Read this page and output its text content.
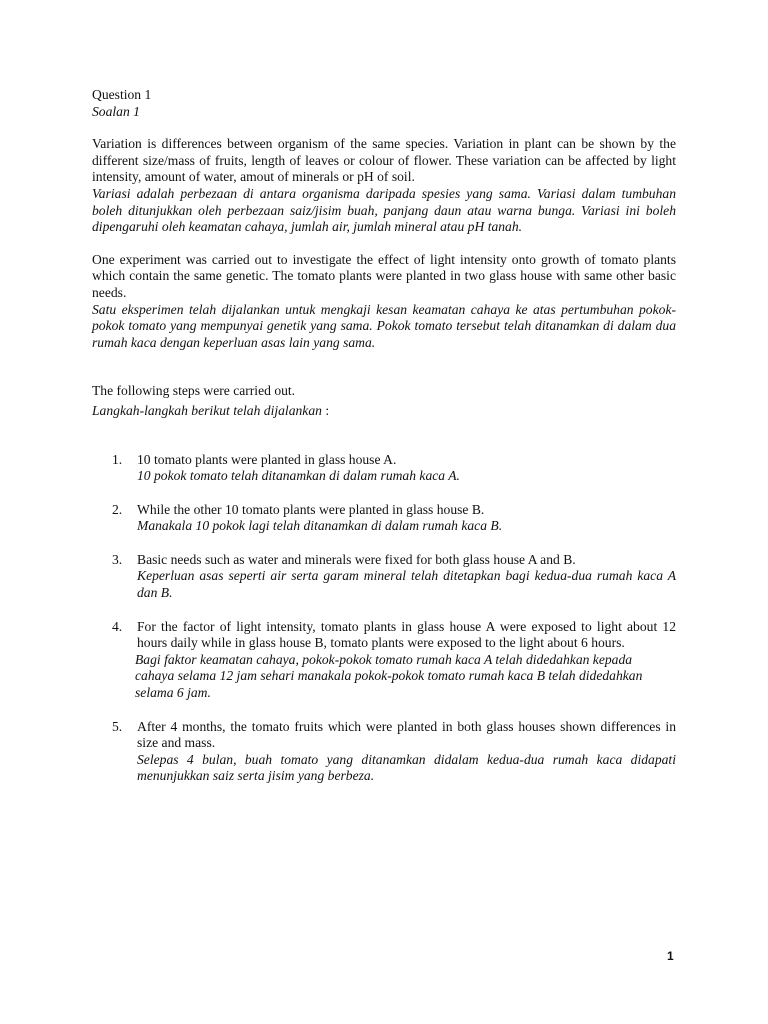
Question 1

Soalan 1

Variation is differences between organism of the same species. Variation in plant can be shown by the different size/mass of fruits, length of leaves or colour of flower. These variation can be affected by light intensity, amount of water, amout of minerals or pH of soil.

Variasi adalah perbezaan di antara organisma daripada spesies yang sama. Variasi dalam tumbuhan boleh ditunjukkan oleh perbezaan saiz/jisim buah, panjang daun atau warna bunga. Variasi ini boleh dipengaruhi oleh keamatan cahaya, jumlah air, jumlah mineral atau pH tanah.

One experiment was carried out to investigate the effect of light intensity onto growth of tomato plants which contain the same genetic. The tomato plants were planted in two glass house with same other basic needs.

Satu eksperimen telah dijalankan untuk mengkaji kesan keamatan cahaya ke atas pertumbuhan pokok-pokok tomato yang mempunyai genetik yang sama. Pokok tomato tersebut telah ditanamkan di dalam dua rumah kaca dengan keperluan asas lain yang sama.

The following steps were carried out.

Langkah-langkah berikut telah dijalankan :

1. 10 tomato plants were planted in glass house A.

10 pokok tomato telah ditanamkan di dalam rumah kaca A.

2. While the other 10 tomato plants were planted in glass house B.

Manakala 10 pokok lagi telah ditanamkan di dalam rumah kaca B.

3. Basic needs such as water and minerals were fixed for both glass house A and B.

Keperluan asas seperti air serta garam mineral telah ditetapkan bagi kedua-dua rumah kaca A dan B.

4. For the factor of light intensity, tomato plants in glass house A were exposed to light about 12 hours daily while in glass house B, tomato plants were exposed to the light about 6 hours.

Bagi faktor keamatan cahaya, pokok-pokok tomato rumah kaca A telah didedahkan kepada cahaya selama 12 jam sehari manakala pokok-pokok tomato rumah kaca B telah didedahkan selama 6 jam.

5. After 4 months, the tomato fruits which were planted in both glass houses shown differences in size and mass.

Selepas 4 bulan, buah tomato yang ditanamkan didalam kedua-dua rumah kaca didapati menunjukkan saiz serta jisim yang berbeza.

1
